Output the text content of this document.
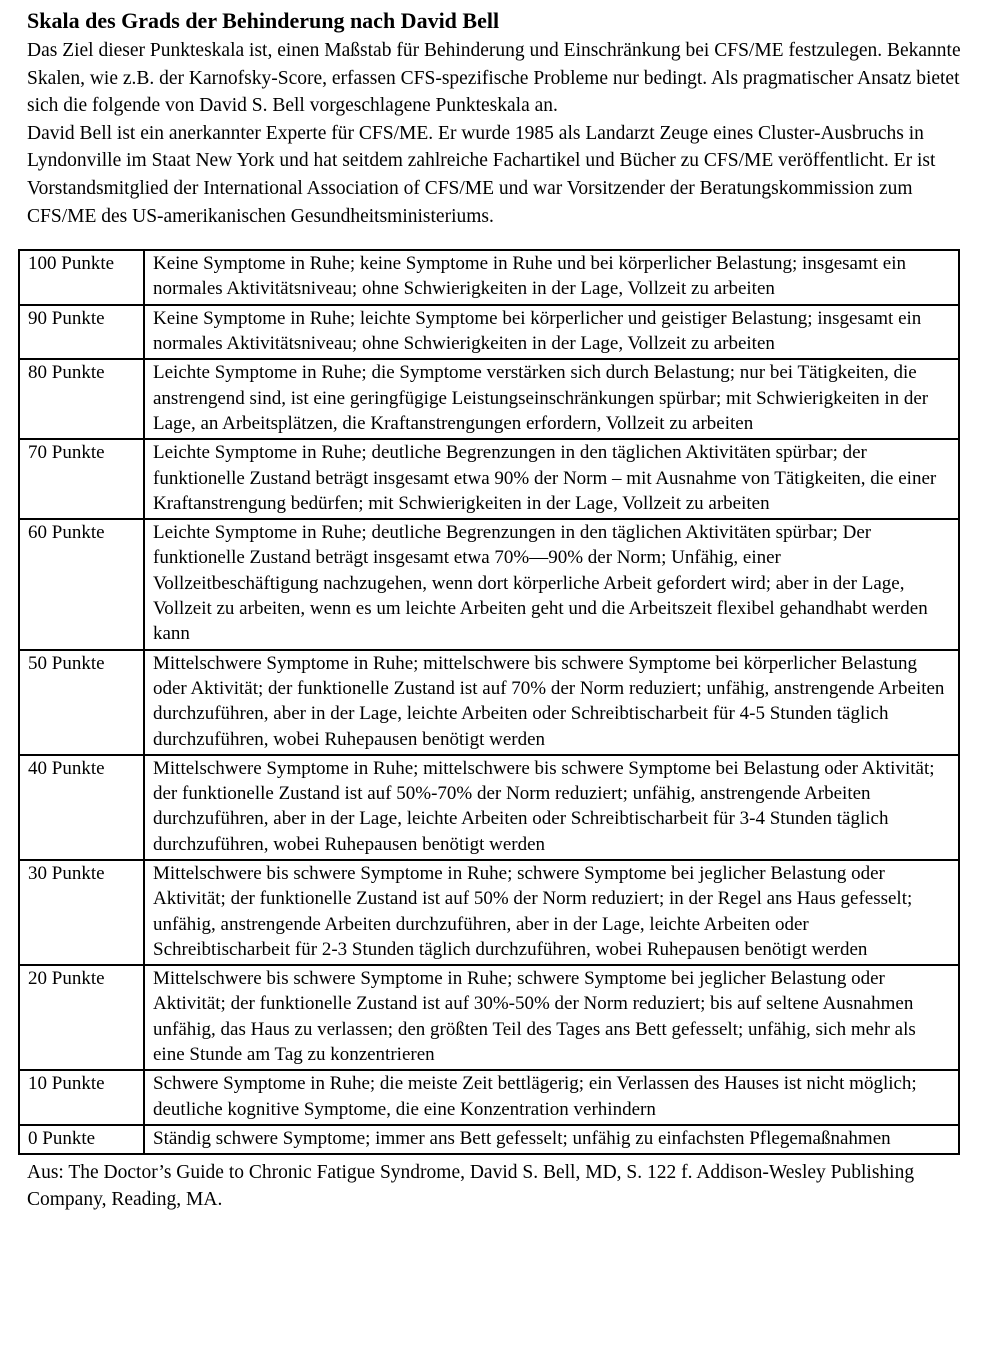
Skala des Grads der Behinderung nach David Bell

Das Ziel dieser Punkteskala ist, einen Maßstab für Behinderung und Einschränkung bei CFS/ME festzulegen. Bekannte Skalen, wie z.B. der Karnofsky-Score, erfassen CFS-spezifische Probleme nur bedingt. Als pragmatischer Ansatz bietet sich die folgende von David S. Bell vorgeschlagene Punkteskala an.

David Bell ist ein anerkannter Experte für CFS/ME. Er wurde 1985 als Landarzt Zeuge eines Cluster-Ausbruchs in Lyndonville im Staat New York und hat seitdem zahlreiche Fachartikel und Bücher zu CFS/ME veröffentlicht. Er ist Vorstandsmitglied der International Association of CFS/ME und war Vorsitzender der Beratungskommission zum CFS/ME des US-amerikanischen Gesundheitsministeriums.

100 Punkte	Keine Symptome in Ruhe; keine Symptome in Ruhe und bei körperlicher Belastung; insgesamt ein normales Aktivitätsniveau; ohne Schwierigkeiten in der Lage, Vollzeit zu arbeiten
90 Punkte	Keine Symptome in Ruhe; leichte Symptome bei körperlicher und geistiger Belastung; insgesamt ein normales Aktivitätsniveau; ohne Schwierigkeiten in der Lage, Vollzeit zu arbeiten
80 Punkte	Leichte Symptome in Ruhe; die Symptome verstärken sich durch Belastung; nur bei Tätigkeiten, die anstrengend sind, ist eine geringfügige Leistungseinschränkungen spürbar; mit Schwierigkeiten in der Lage, an Arbeitsplätzen, die Kraftanstrengungen erfordern, Vollzeit zu arbeiten
70 Punkte	Leichte Symptome in Ruhe; deutliche Begrenzungen in den täglichen Aktivitäten spürbar; der funktionelle Zustand beträgt insgesamt etwa 90% der Norm – mit Ausnahme von Tätigkeiten, die einer Kraftanstrengung bedürfen; mit Schwierigkeiten in der Lage, Vollzeit zu arbeiten
60 Punkte	Leichte Symptome in Ruhe; deutliche Begrenzungen in den täglichen Aktivitäten spürbar; Der funktionelle Zustand beträgt insgesamt etwa 70%—90% der Norm; Unfähig, einer Vollzeitbeschäftigung nachzugehen, wenn dort körperliche Arbeit gefordert wird; aber in der Lage, Vollzeit zu arbeiten, wenn es um leichte Arbeiten geht und die Arbeitszeit flexibel gehandhabt werden kann
50 Punkte	Mittelschwere Symptome in Ruhe; mittelschwere bis schwere Symptome bei körperlicher Belastung oder Aktivität; der funktionelle Zustand ist auf 70% der Norm reduziert; unfähig, anstrengende Arbeiten durchzuführen, aber in der Lage, leichte Arbeiten oder Schreibtischarbeit für 4-5 Stunden täglich durchzuführen, wobei Ruhepausen benötigt werden
40 Punkte	Mittelschwere Symptome in Ruhe; mittelschwere bis schwere Symptome bei Belastung oder Aktivität; der funktionelle Zustand ist auf 50%-70% der Norm reduziert; unfähig, anstrengende Arbeiten durchzuführen, aber in der Lage, leichte Arbeiten oder Schreibtischarbeit für 3-4 Stunden täglich durchzuführen, wobei Ruhepausen benötigt werden
30 Punkte	Mittelschwere bis schwere Symptome in Ruhe; schwere Symptome bei jeglicher Belastung oder Aktivität; der funktionelle Zustand ist auf 50% der Norm reduziert; in der Regel ans Haus gefesselt; unfähig, anstrengende Arbeiten durchzuführen, aber in der Lage, leichte Arbeiten oder Schreibtischarbeit für 2-3 Stunden täglich durchzuführen, wobei Ruhepausen benötigt werden
20 Punkte	Mittelschwere bis schwere Symptome in Ruhe; schwere Symptome bei jeglicher Belastung oder Aktivität; der funktionelle Zustand ist auf 30%-50% der Norm reduziert; bis auf seltene Ausnahmen unfähig, das Haus zu verlassen; den größten Teil des Tages ans Bett gefesselt; unfähig, sich mehr als eine Stunde am Tag zu konzentrieren
10 Punkte	Schwere Symptome in Ruhe; die meiste Zeit bettlägerig; ein Verlassen des Hauses ist nicht möglich; deutliche kognitive Symptome, die eine Konzentration verhindern
0 Punkte	Ständig schwere Symptome; immer ans Bett gefesselt; unfähig zu einfachsten Pflegemaßnahmen

Aus: The Doctor’s Guide to Chronic Fatigue Syndrome, David S. Bell, MD, S. 122 f. Addison-Wesley Publishing Company, Reading, MA.
